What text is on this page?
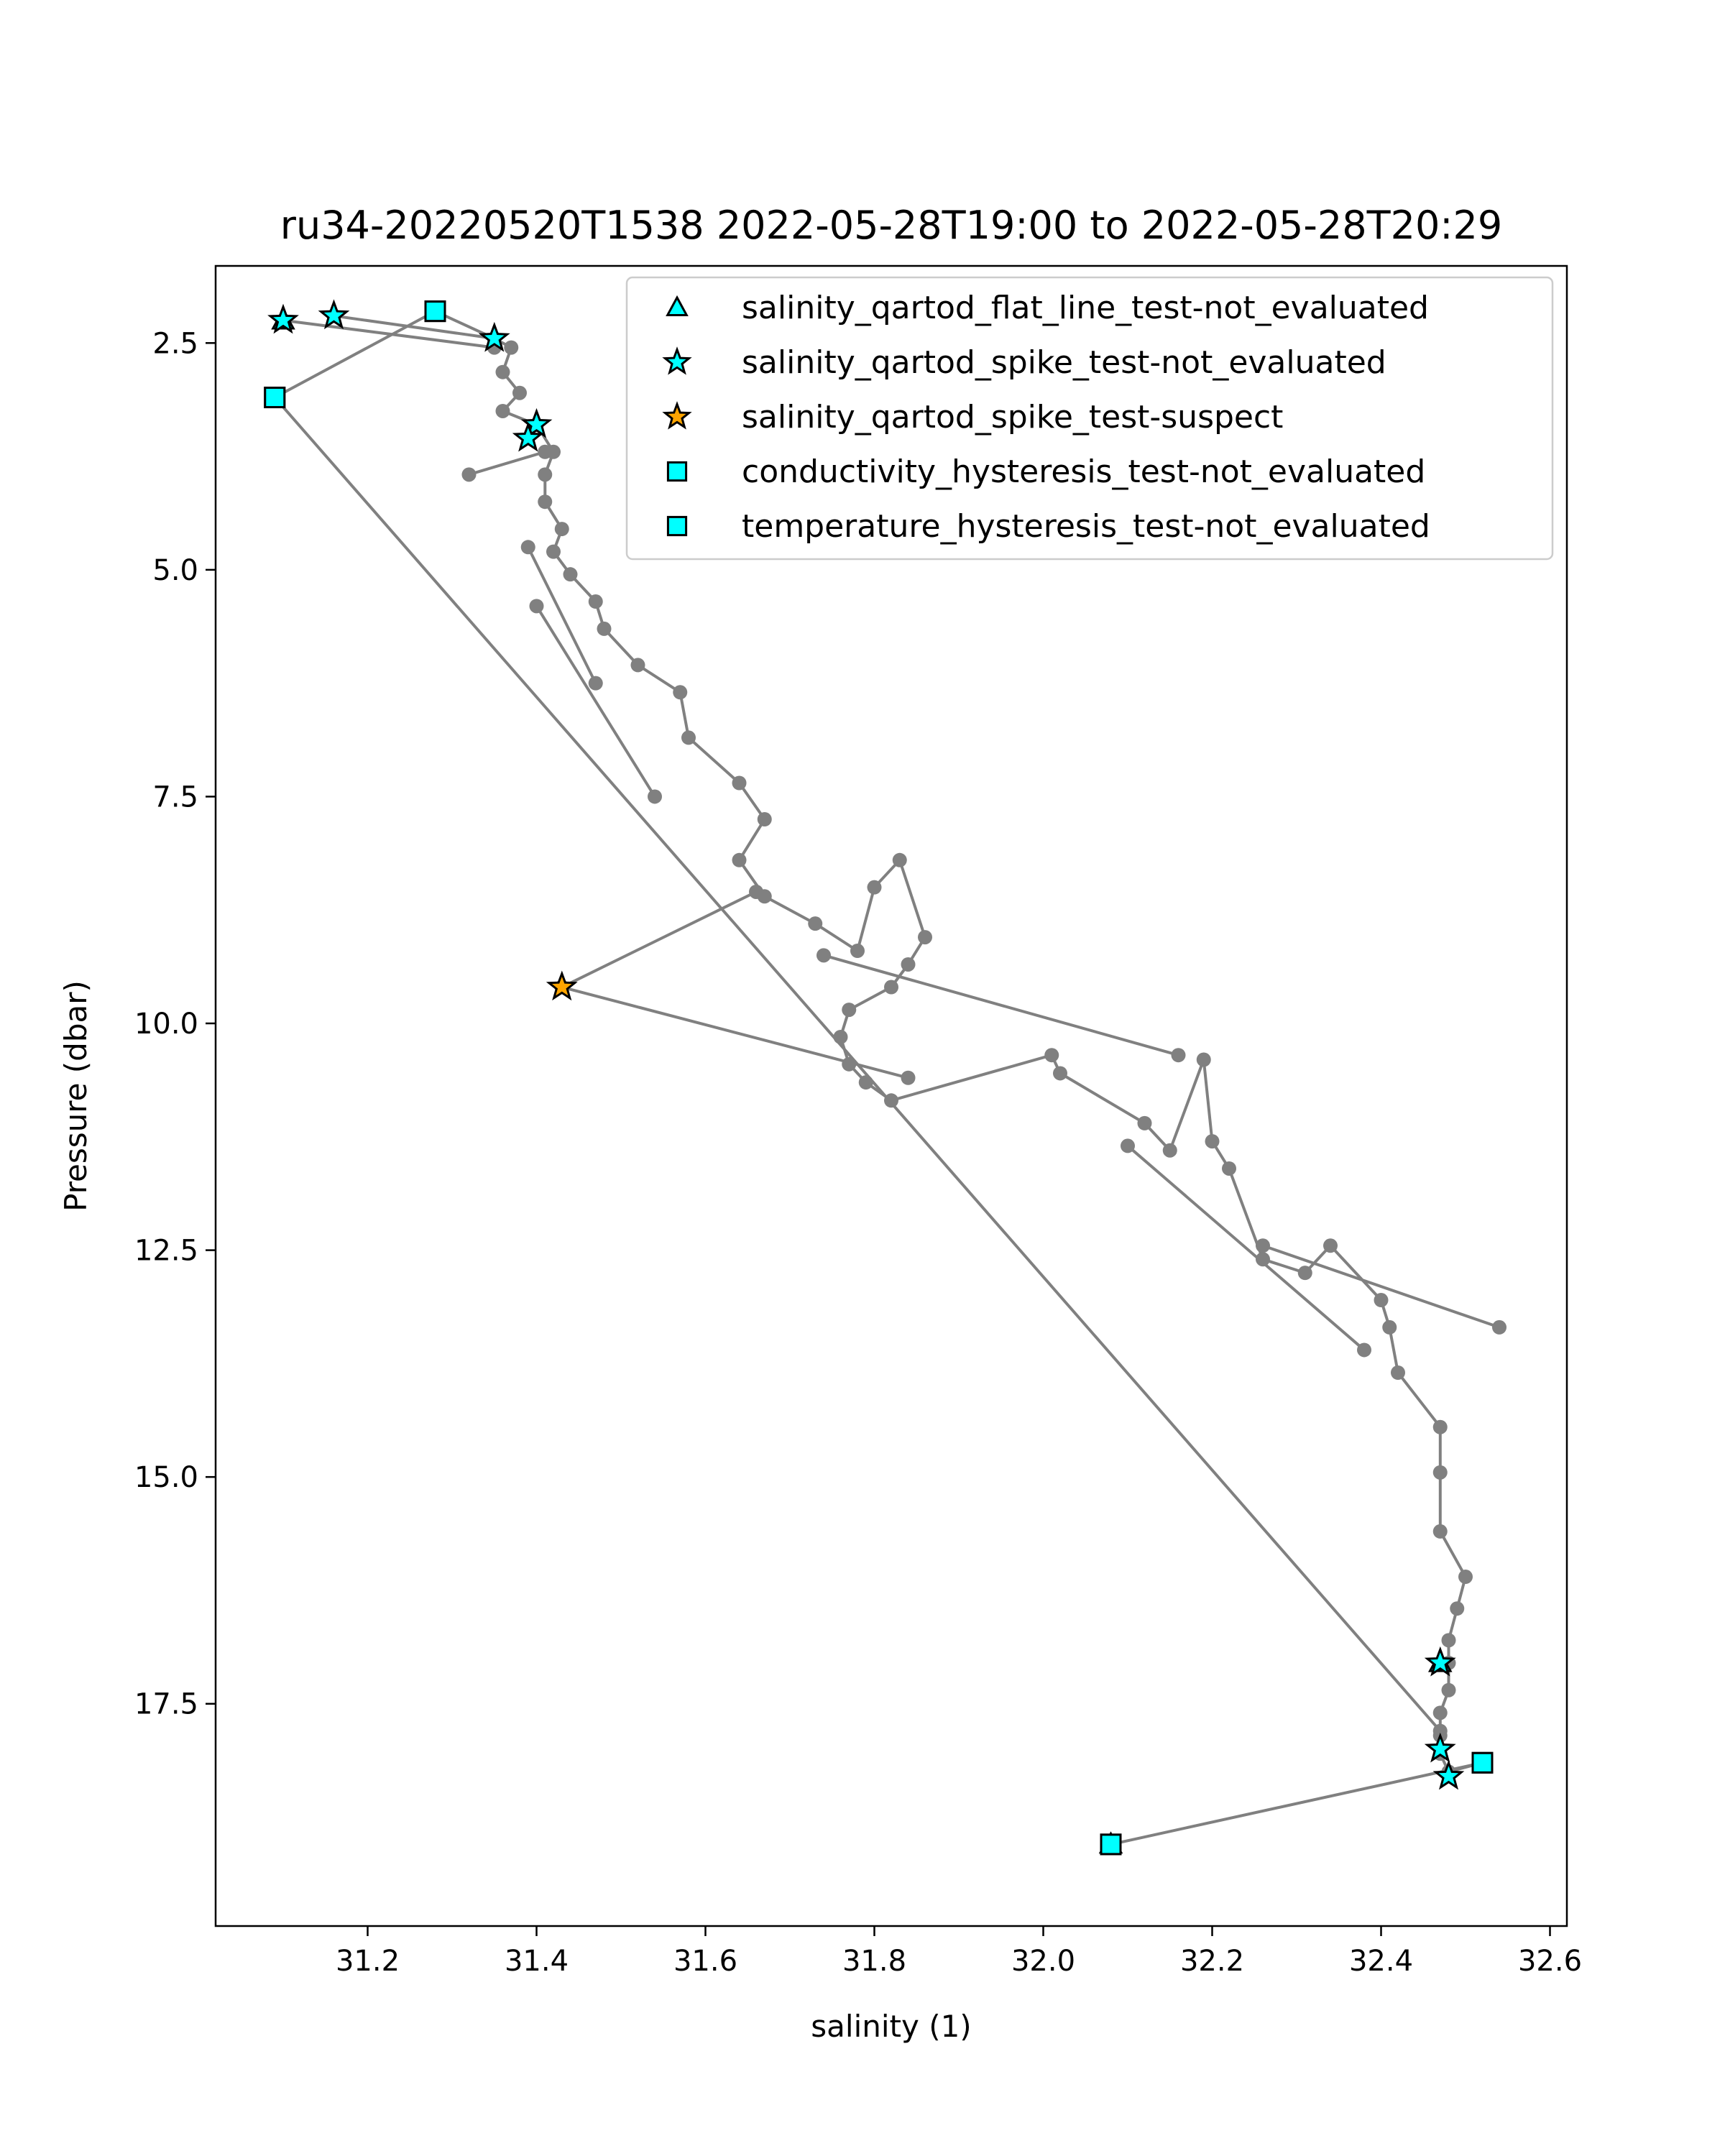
ru34-20220520T1538 2022-05-28T19:00 to 2022-05-28T20:29
31.2	31.4	31.6	31.8	32.0	32.2	32.4	32.6
2.5
5.0
7.5
10.0
12.5
15.0
17.5
salinity (1)
Pressure (dbar)
salinity_qartod_flat_line_test-not_evaluated
salinity_qartod_spike_test-not_evaluated
salinity_qartod_spike_test-suspect
conductivity_hysteresis_test-not_evaluated
temperature_hysteresis_test-not_evaluated
